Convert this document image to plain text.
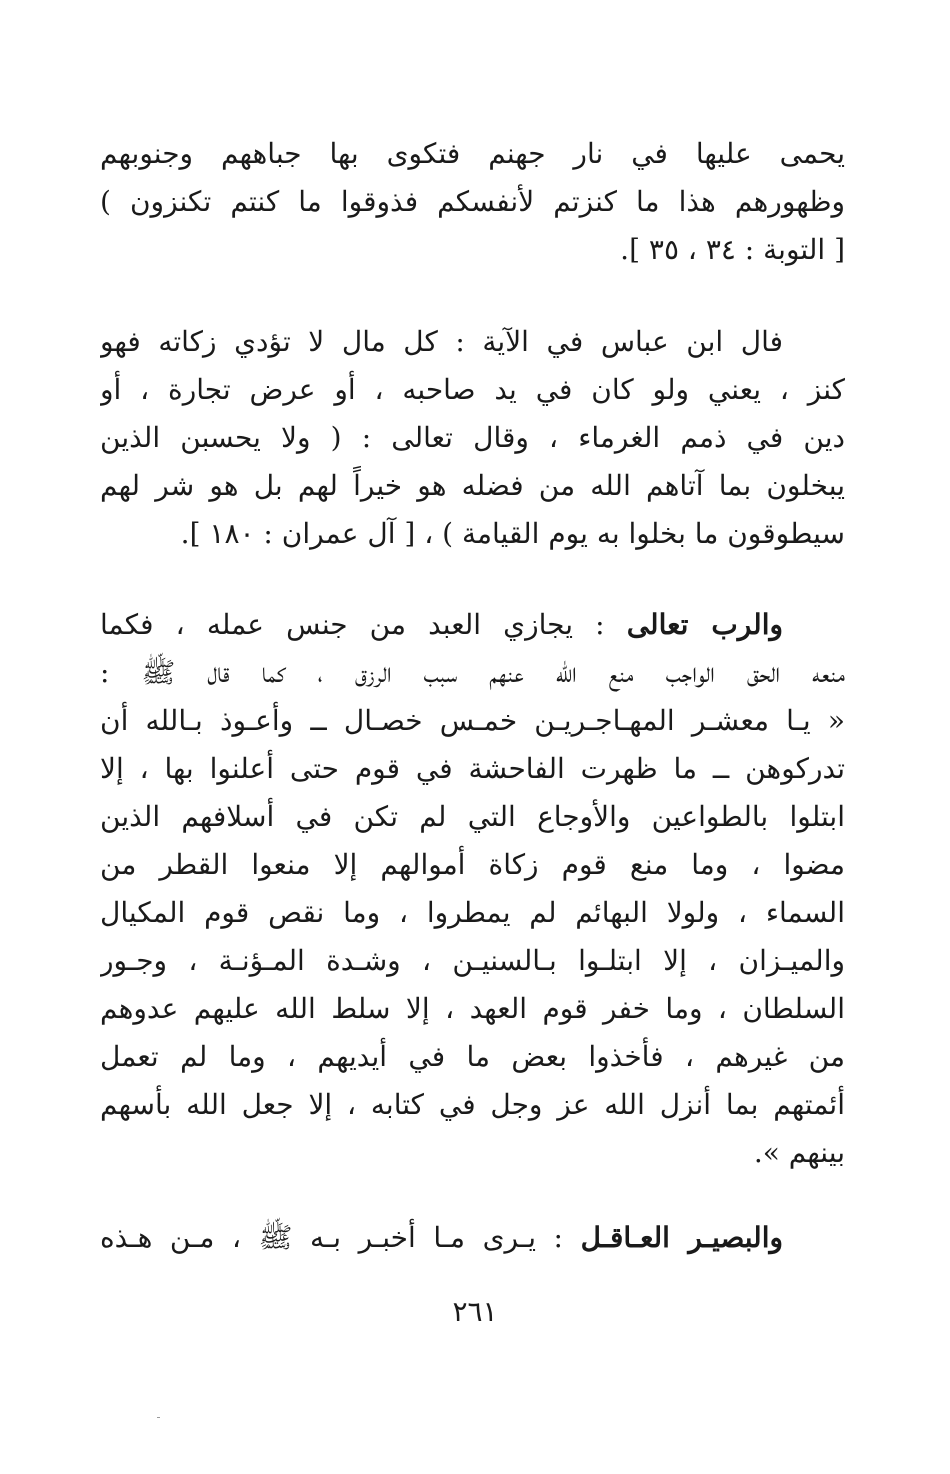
يحمى عليها في نار جهنم فتكوى بها جباههم وجنوبهم
وظهورهم هذا ما كنزتم لأنفسكم فذوقوا ما كنتم تكنزون )
[ التوبة : ٣٤ ، ٣٥ ].
فال ابن عباس في الآية : كل مال لا تؤدي زكاته فهو
كنز ، يعني ولو كان في يد صاحبه ، أو عرض تجارة ، أو
دين في ذمم الغرماء ، وقال تعالى : ( ولا يحسبن الذين
يبخلون بما آتاهم الله من فضله هو خيراً لهم بل هو شر لهم
سيطوقون ما بخلوا به يوم القيامة ) ، [ آل عمران : ١٨٠ ].
والرب تعالى : يجازي العبد من جنس عمله ، فكما
منعه الحق الواجب منع الله عنهم سبب الرزق ، كما قال ﷺ :
« يـا معشـر المهـاجـريـن خمـس خصـال ــ وأعـوذ بـالله أن
تدركوهن ــ ما ظهرت الفاحشة في قوم حتى أعلنوا بها ، إلا
ابتلوا بالطواعين والأوجاع التي لم تكن في أسلافهم الذين
مضوا ، وما منع قوم زكاة أموالهم إلا منعوا القطر من
السماء ، ولولا البهائم لم يمطروا ، وما نقص قوم المكيال
والميـزان ، إلا ابتلـوا بـالسنيـن ، وشـدة المـؤنـة ، وجـور
السلطان ، وما خفر قوم العهد ، إلا سلط الله عليهم عدوهم
من غيرهم ، فأخذوا بعض ما في أيديهم ، وما لم تعمل
أئمتهم بما أنزل الله عز وجل في كتابه ، إلا جعل الله بأسهم
بينهم ».
والبصيـر العـاقـل : يـرى مـا أخبـر بـه ﷺ ، مـن هـذه
٢٦١
